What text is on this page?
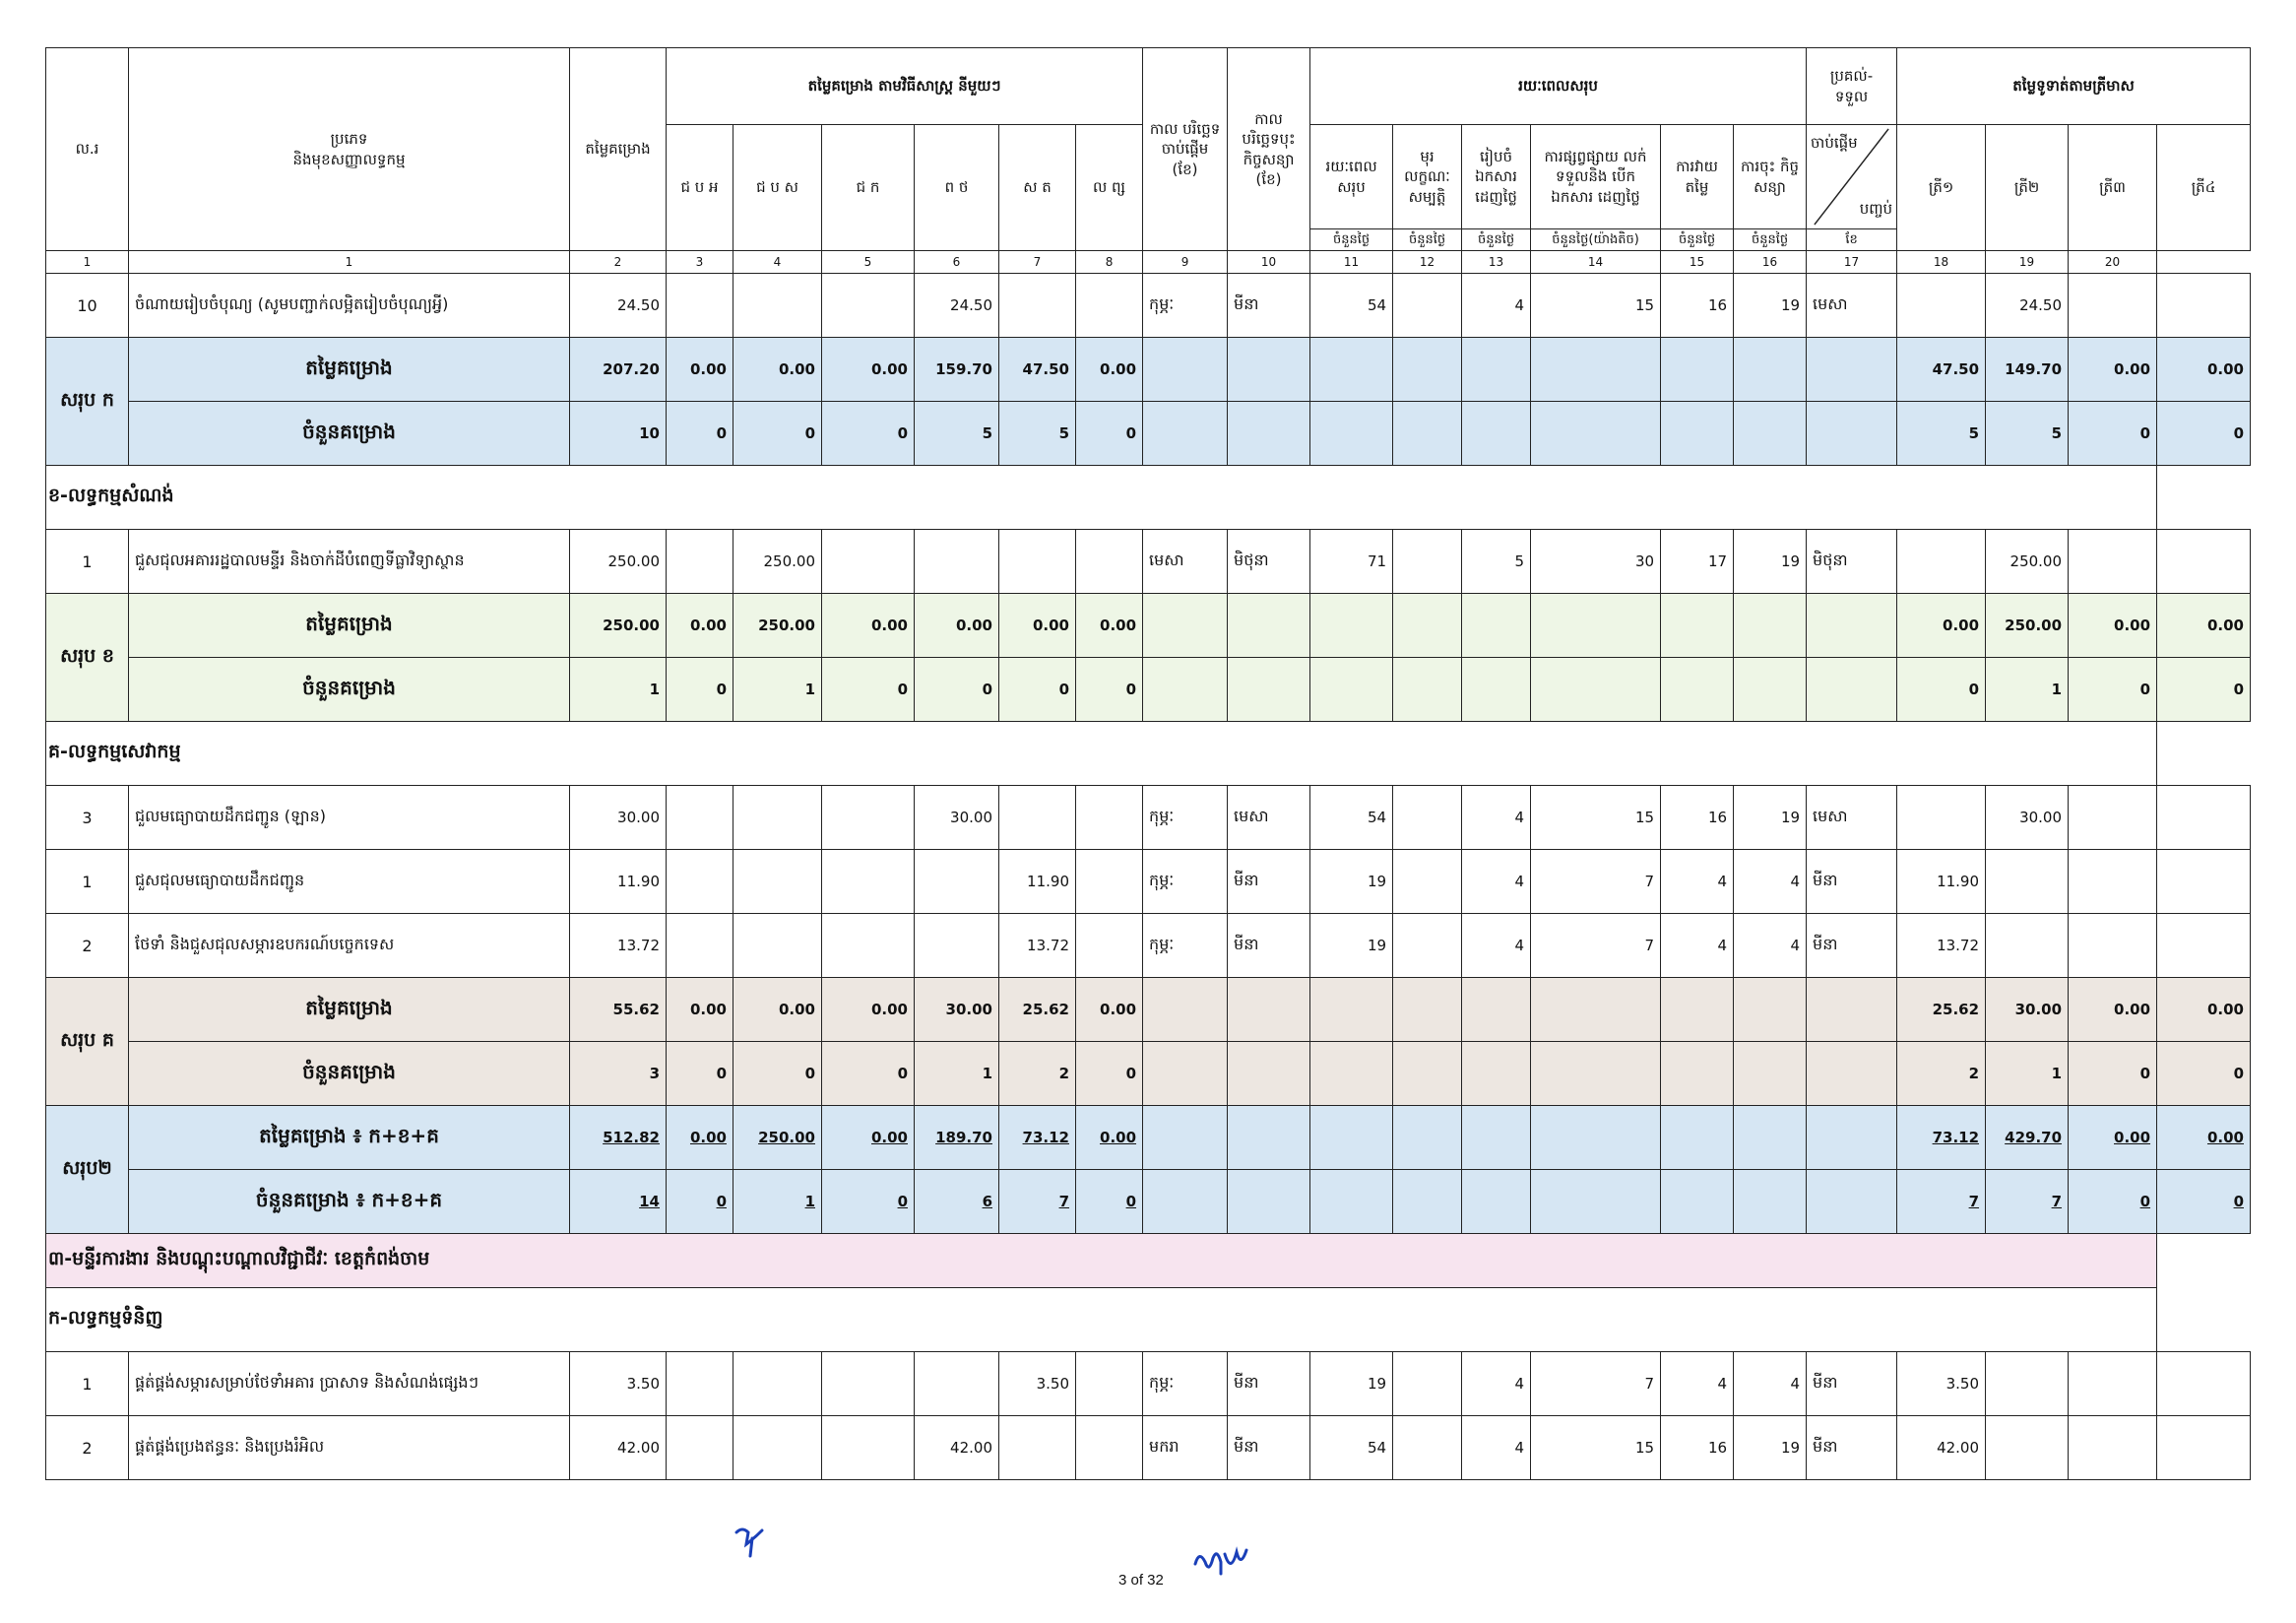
ល.រ	ប្រភេទ
និងមុខសញ្ញាលទ្ធកម្ម	តម្លៃគម្រោង	តម្លៃគម្រោង តាមវិធីសាស្ត្រ នីមួយៗ						កាល បរិច្ឆេទ ចាប់ផ្តើម (ខែ)	កាល បរិច្ឆេទបុះ កិច្ចសន្យា (ខែ)	រយៈពេលសរុប						ប្រគល់- ទទួល	តម្លៃទូទាត់តាមត្រីមាស			
			ជ ប អ	ជ ប ស	ជ ក	ព ថ	ស ត	ល ព្ស			រយៈពេល សរុប	មុរ លក្ខណៈ សម្បត្តិ	រៀបចំ ឯកសារ ដេញថ្លៃ	ការផ្សព្វផ្សាយ លក់ ទទួលនិង បើកឯកសារ ដេញថ្លៃ	ការវាយ តម្លៃ	ការចុះ កិច្ចសន្យា	ចាប់ផ្តើម
បញ្ចប់	ត្រី១	ត្រី២	ត្រី៣	ត្រី៤
											ចំនួនថ្ងៃ	ចំនួនថ្ងៃ	ចំនួនថ្ងៃ	ចំនួនថ្ងៃ(យ៉ាងតិច)	ចំនួនថ្ងៃ	ចំនួនថ្ងៃ	ខែ				
1	1	2	3	4	5	6	7	8	9	10	11	12	13	14	15	16	17	18	19	20	
10	ចំណាយរៀបចំបុណ្យ (សូមបញ្ជាក់លម្អិតរៀបចំបុណ្យអ្វី)	24.50				24.50			កុម្ភៈ	មីនា	54		4	15	16	19	មេសា		24.50		
សរុប ក	តម្លៃគម្រោង	207.20	0.00	0.00	0.00	159.70	47.50	0.00										47.50	149.70	0.00	0.00
	ចំនួនគម្រោង	10	0	0	0	5	5	0										5	5	0	0
ខ-លទ្ធកម្មសំណង់																					
1	ជួសជុលអគាររដ្ឋបាលមន្ទីរ និងចាក់ដីបំពេញទីធ្លាវិទ្យាស្ថាន	250.00		250.00					មេសា	មិថុនា	71		5	30	17	19	មិថុនា		250.00		
សរុប ខ	តម្លៃគម្រោង	250.00	0.00	250.00	0.00	0.00	0.00	0.00										0.00	250.00	0.00	0.00
	ចំនួនគម្រោង	1	0	1	0	0	0	0										0	1	0	0
គ-លទ្ធកម្មសេវាកម្ម																					
3	ជួលមធ្យោបាយដឹកជញ្ជូន (ឡាន)	30.00				30.00			កុម្ភៈ	មេសា	54		4	15	16	19	មេសា		30.00		
1	ជួសជុលមធ្យោបាយដឹកជញ្ជូន	11.90					11.90		កុម្ភៈ	មីនា	19		4	7	4	4	មីនា	11.90			
2	ថែទាំ និងជួសជុលសម្ភារឧបករណ៍បច្ចេកទេស	13.72					13.72		កុម្ភៈ	មីនា	19		4	7	4	4	មីនា	13.72			
សរុប គ	តម្លៃគម្រោង	55.62	0.00	0.00	0.00	30.00	25.62	0.00										25.62	30.00	0.00	0.00
	ចំនួនគម្រោង	3	0	0	0	1	2	0										2	1	0	0
សរុប២	តម្លៃគម្រោង ៖ ក+ខ+គ	512.82	0.00	250.00	0.00	189.70	73.12	0.00										73.12	429.70	0.00	0.00
	ចំនួនគម្រោង ៖ ក+ខ+គ	14	0	1	0	6	7	0										7	7	0	0
៣-មន្ទីរការងារ និងបណ្តុះបណ្តាលវិជ្ជាជីវៈ ខេត្តកំពង់ចាម																					
ក-លទ្ធកម្មទំនិញ																					
1	ផ្គត់ផ្គង់សម្ភារសម្រាប់ថែទាំអគារ ប្រាសាទ និងសំណង់ផ្សេងៗ	3.50					3.50		កុម្ភៈ	មីនា	19		4	7	4	4	មីនា	3.50			
2	ផ្គត់ផ្គង់ប្រេងឥន្ធនៈ និងប្រេងរំអិល	42.00				42.00			មករា	មីនា	54		4	15	16	19	មីនា	42.00			
3 of 32
